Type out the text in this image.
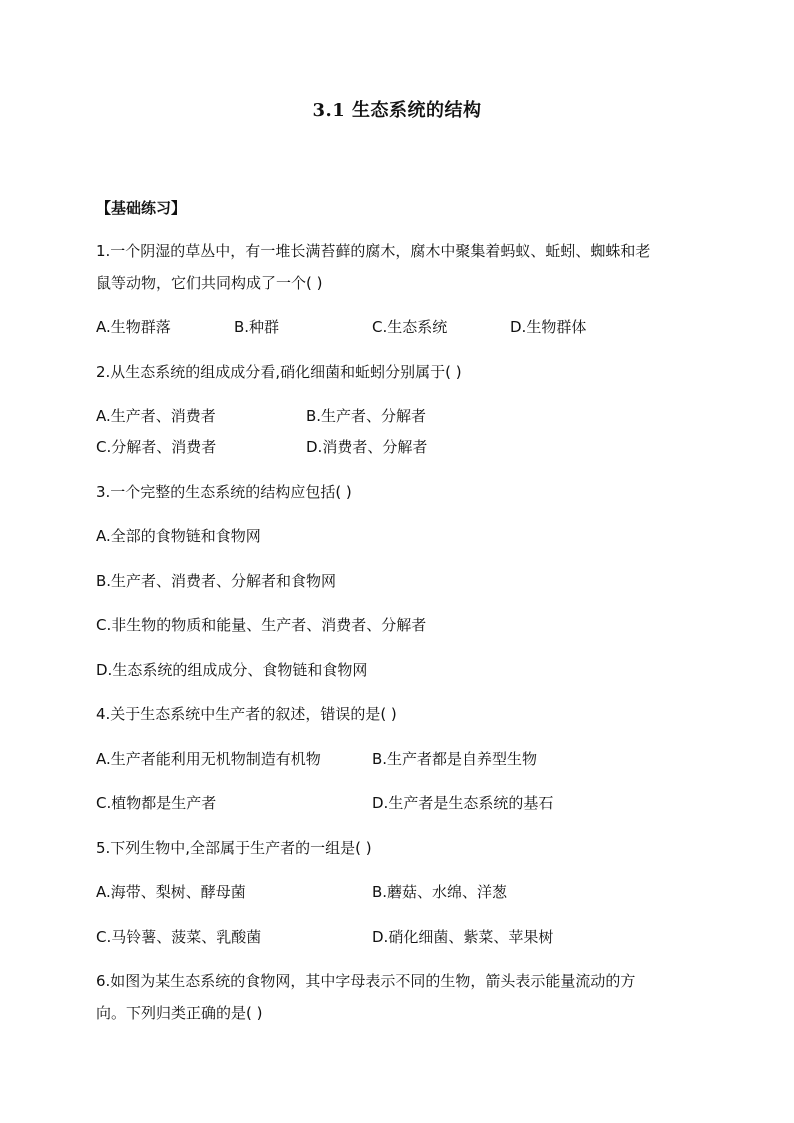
3.1 生态系统的结构
【基础练习】
1.一个阴湿的草丛中，有一堆长满苔藓的腐木，腐木中聚集着蚂蚁、蚯蚓、蜘蛛和老
鼠等动物，它们共同构成了一个( )
A.生物群落	B.种群	C.生态系统	D.生物群体
2.从生态系统的组成成分看,硝化细菌和蚯蚓分别属于( )
A.生产者、消费者	B.生产者、分解者
C.分解者、消费者	D.消费者、分解者
3.一个完整的生态系统的结构应包括( )
A.全部的食物链和食物网
B.生产者、消费者、分解者和食物网
C.非生物的物质和能量、生产者、消费者、分解者
D.生态系统的组成成分、食物链和食物网
4.关于生态系统中生产者的叙述，错误的是( )
A.生产者能利用无机物制造有机物	B.生产者都是自养型生物
C.植物都是生产者	D.生产者是生态系统的基石
5.下列生物中,全部属于生产者的一组是( )
A.海带、梨树、酵母菌	B.蘑菇、水绵、洋葱
C.马铃薯、菠菜、乳酸菌	D.硝化细菌、紫菜、苹果树
6.如图为某生态系统的食物网，其中字母表示不同的生物，箭头表示能量流动的方
向。下列归类正确的是( )
